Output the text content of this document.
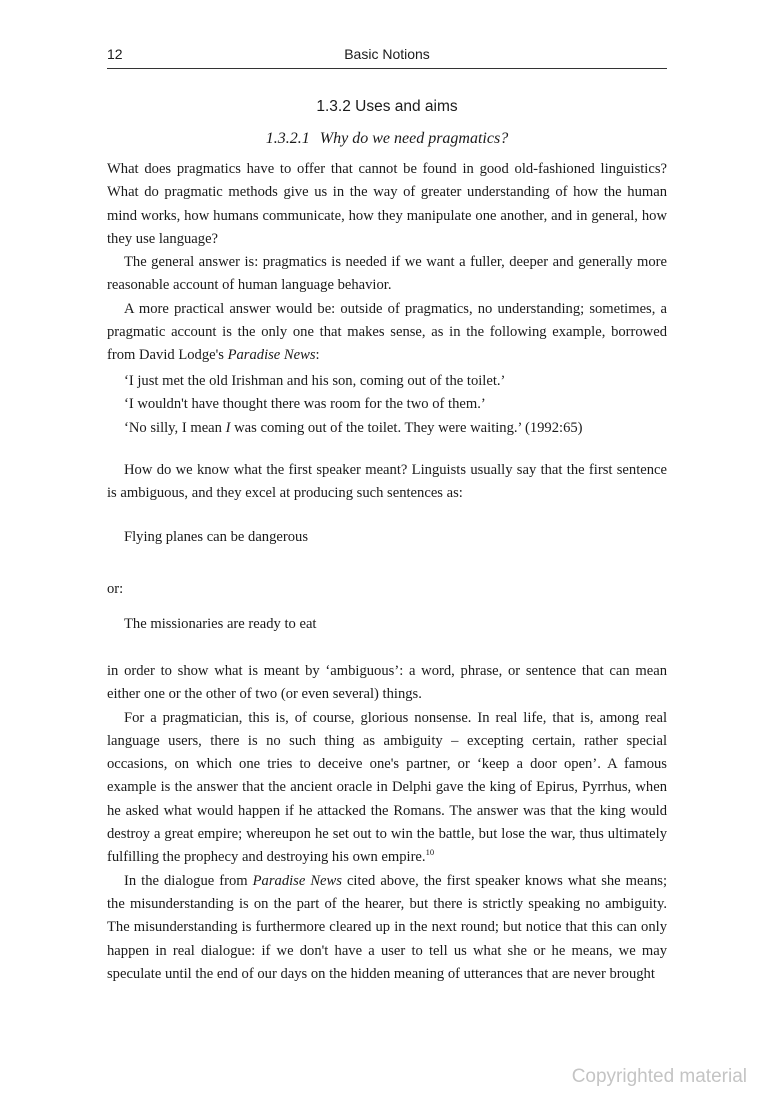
12	Basic Notions
1.3.2 Uses and aims
1.3.2.1 Why do we need pragmatics?

What does pragmatics have to offer that cannot be found in good old-fashioned linguistics? What do pragmatic methods give us in the way of greater understanding of how the human mind works, how humans communicate, how they manipulate one another, and in general, how they use language?

The general answer is: pragmatics is needed if we want a fuller, deeper and generally more reasonable account of human language behavior.

A more practical answer would be: outside of pragmatics, no understanding; sometimes, a pragmatic account is the only one that makes sense, as in the following example, borrowed from David Lodge's Paradise News:

‘I just met the old Irishman and his son, coming out of the toilet.’
‘I wouldn't have thought there was room for the two of them.’
‘No silly, I mean I was coming out of the toilet. They were waiting.’ (1992:65)

How do we know what the first speaker meant? Linguists usually say that the first sentence is ambiguous, and they excel at producing such sentences as:

Flying planes can be dangerous
or:
The missionaries are ready to eat

in order to show what is meant by ‘ambiguous’: a word, phrase, or sentence that can mean either one or the other of two (or even several) things.

For a pragmatician, this is, of course, glorious nonsense. In real life, that is, among real language users, there is no such thing as ambiguity – excepting certain, rather special occasions, on which one tries to deceive one's partner, or ‘keep a door open’. A famous example is the answer that the ancient oracle in Delphi gave the king of Epirus, Pyrrhus, when he asked what would happen if he attacked the Romans. The answer was that the king would destroy a great empire; whereupon he set out to win the battle, but lose the war, thus ultimately fulfilling the prophecy and destroying his own empire.$^{10}$

In the dialogue from Paradise News cited above, the first speaker knows what she means; the misunderstanding is on the part of the hearer, but there is strictly speaking no ambiguity. The misunderstanding is furthermore cleared up in the next round; but notice that this can only happen in real dialogue: if we don't have a user to tell us what she or he means, we may speculate until the end of our days on the hidden meaning of utterances that are never brought

Copyrighted material
